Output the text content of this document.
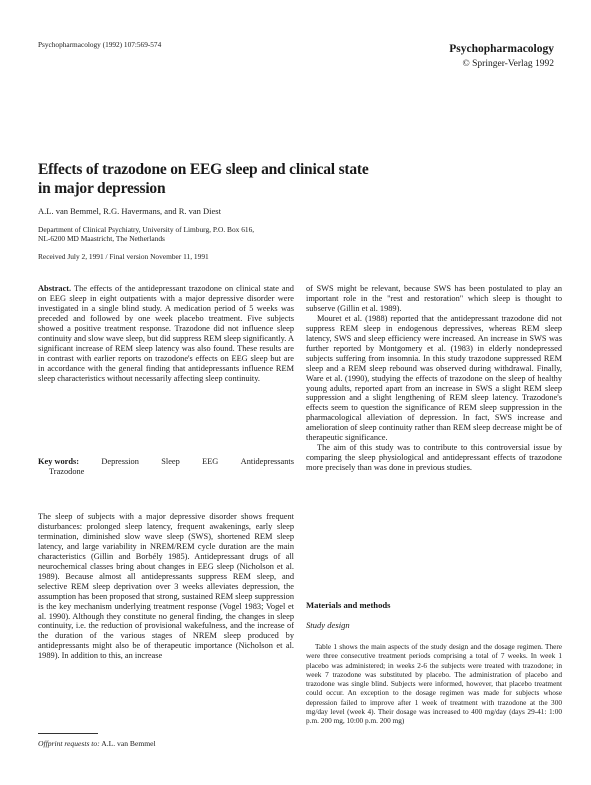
Psychopharmacology (1992) 107:569-574	Psychopharmacology
© Springer-Verlag 1992
Effects of trazodone on EEG sleep and clinical state
in major depression
A.L. van Bemmel, R.G. Havermans, and R. van Diest
Department of Clinical Psychiatry, University of Limburg, P.O. Box 616,
NL-6200 MD Maastricht, The Netherlands
Received July 2, 1991 / Final version November 11, 1991
Abstract. The effects of the antidepressant trazodone on clinical state and on EEG sleep in eight outpatients with a major depressive disorder were investigated in a single blind study. A medication period of 5 weeks was preceded and followed by one week placebo treatment. Five subjects showed a positive treatment response. Trazodone did not influence sleep continuity and slow wave sleep, but did suppress REM sleep significantly. A significant increase of REM sleep latency was also found. These results are in contrast with earlier reports on trazodone's effects on EEG sleep but are in accordance with the general finding that antidepressants influence REM sleep characteristics without necessarily affecting sleep continuity.
Key words:	Depression	Sleep	EEG	Antidepressants
Trazodone

The sleep of subjects with a major depressive disorder shows frequent disturbances: prolonged sleep latency, frequent awakenings, early sleep termination, diminished slow wave sleep (SWS), shortened REM sleep latency, and large variability in NREM/REM cycle duration are the main characteristics (Gillin and Borbély 1985). Antidepressant drugs of all neurochemical classes bring about changes in EEG sleep (Nicholson et al. 1989). Because almost all antidepressants suppress REM sleep, and selective REM sleep deprivation over 3 weeks alleviates depression, the assumption has been proposed that strong, sustained REM sleep suppression is the key mechanism underlying treatment response (Vogel 1983; Vogel et al. 1990). Although they constitute no general finding, the changes in sleep continuity, i.e. the reduction of provisional wakefulness, and the increase of the duration of the various stages of NREM sleep produced by antidepressants might also be of therapeutic importance (Nicholson et al. 1989). In addition to this, an increase

Offprint requests to: A.L. van Bemmel

of SWS might be relevant, because SWS has been postulated to play an important role in the "rest and restoration" which sleep is thought to subserve (Gillin et al. 1989).

Mouret et al. (1988) reported that the antidepressant trazodone did not suppress REM sleep in endogenous depressives, whereas REM sleep latency, SWS and sleep efficiency were increased. An increase in SWS was further reported by Montgomery et al. (1983) in elderly nondepressed subjects suffering from insomnia. In this study trazodone suppressed REM sleep and a REM sleep rebound was observed during withdrawal. Finally, Ware et al. (1990), studying the effects of trazodone on the sleep of healthy young adults, reported apart from an increase in SWS a slight REM sleep suppression and a slight lengthening of REM sleep latency. Trazodone's effects seem to question the significance of REM sleep suppression in the pharmacological alleviation of depression. In fact, SWS increase and amelioration of sleep continuity rather than REM sleep decrease might be of therapeutic significance.

The aim of this study was to contribute to this controversial issue by comparing the sleep physiological and antidepressant effects of trazodone more precisely than was done in previous studies.

Materials and methods
Study design

Table 1 shows the main aspects of the study design and the dosage regimen. There were three consecutive treatment periods comprising a total of 7 weeks. In week 1 placebo was administered; in weeks 2-6 the subjects were treated with trazodone; in week 7 trazodone was substituted by placebo. The administration of placebo and trazodone was single blind. Subjects were informed, however, that placebo treatment could occur. An exception to the dosage regimen was made for subjects whose depression failed to improve after 1 week of treatment with trazodone at the 300 mg/day level (week 4). Their dosage was increased to 400 mg/day (days 29-41: 1:00 p.m. 200 mg, 10:00 p.m. 200 mg)
